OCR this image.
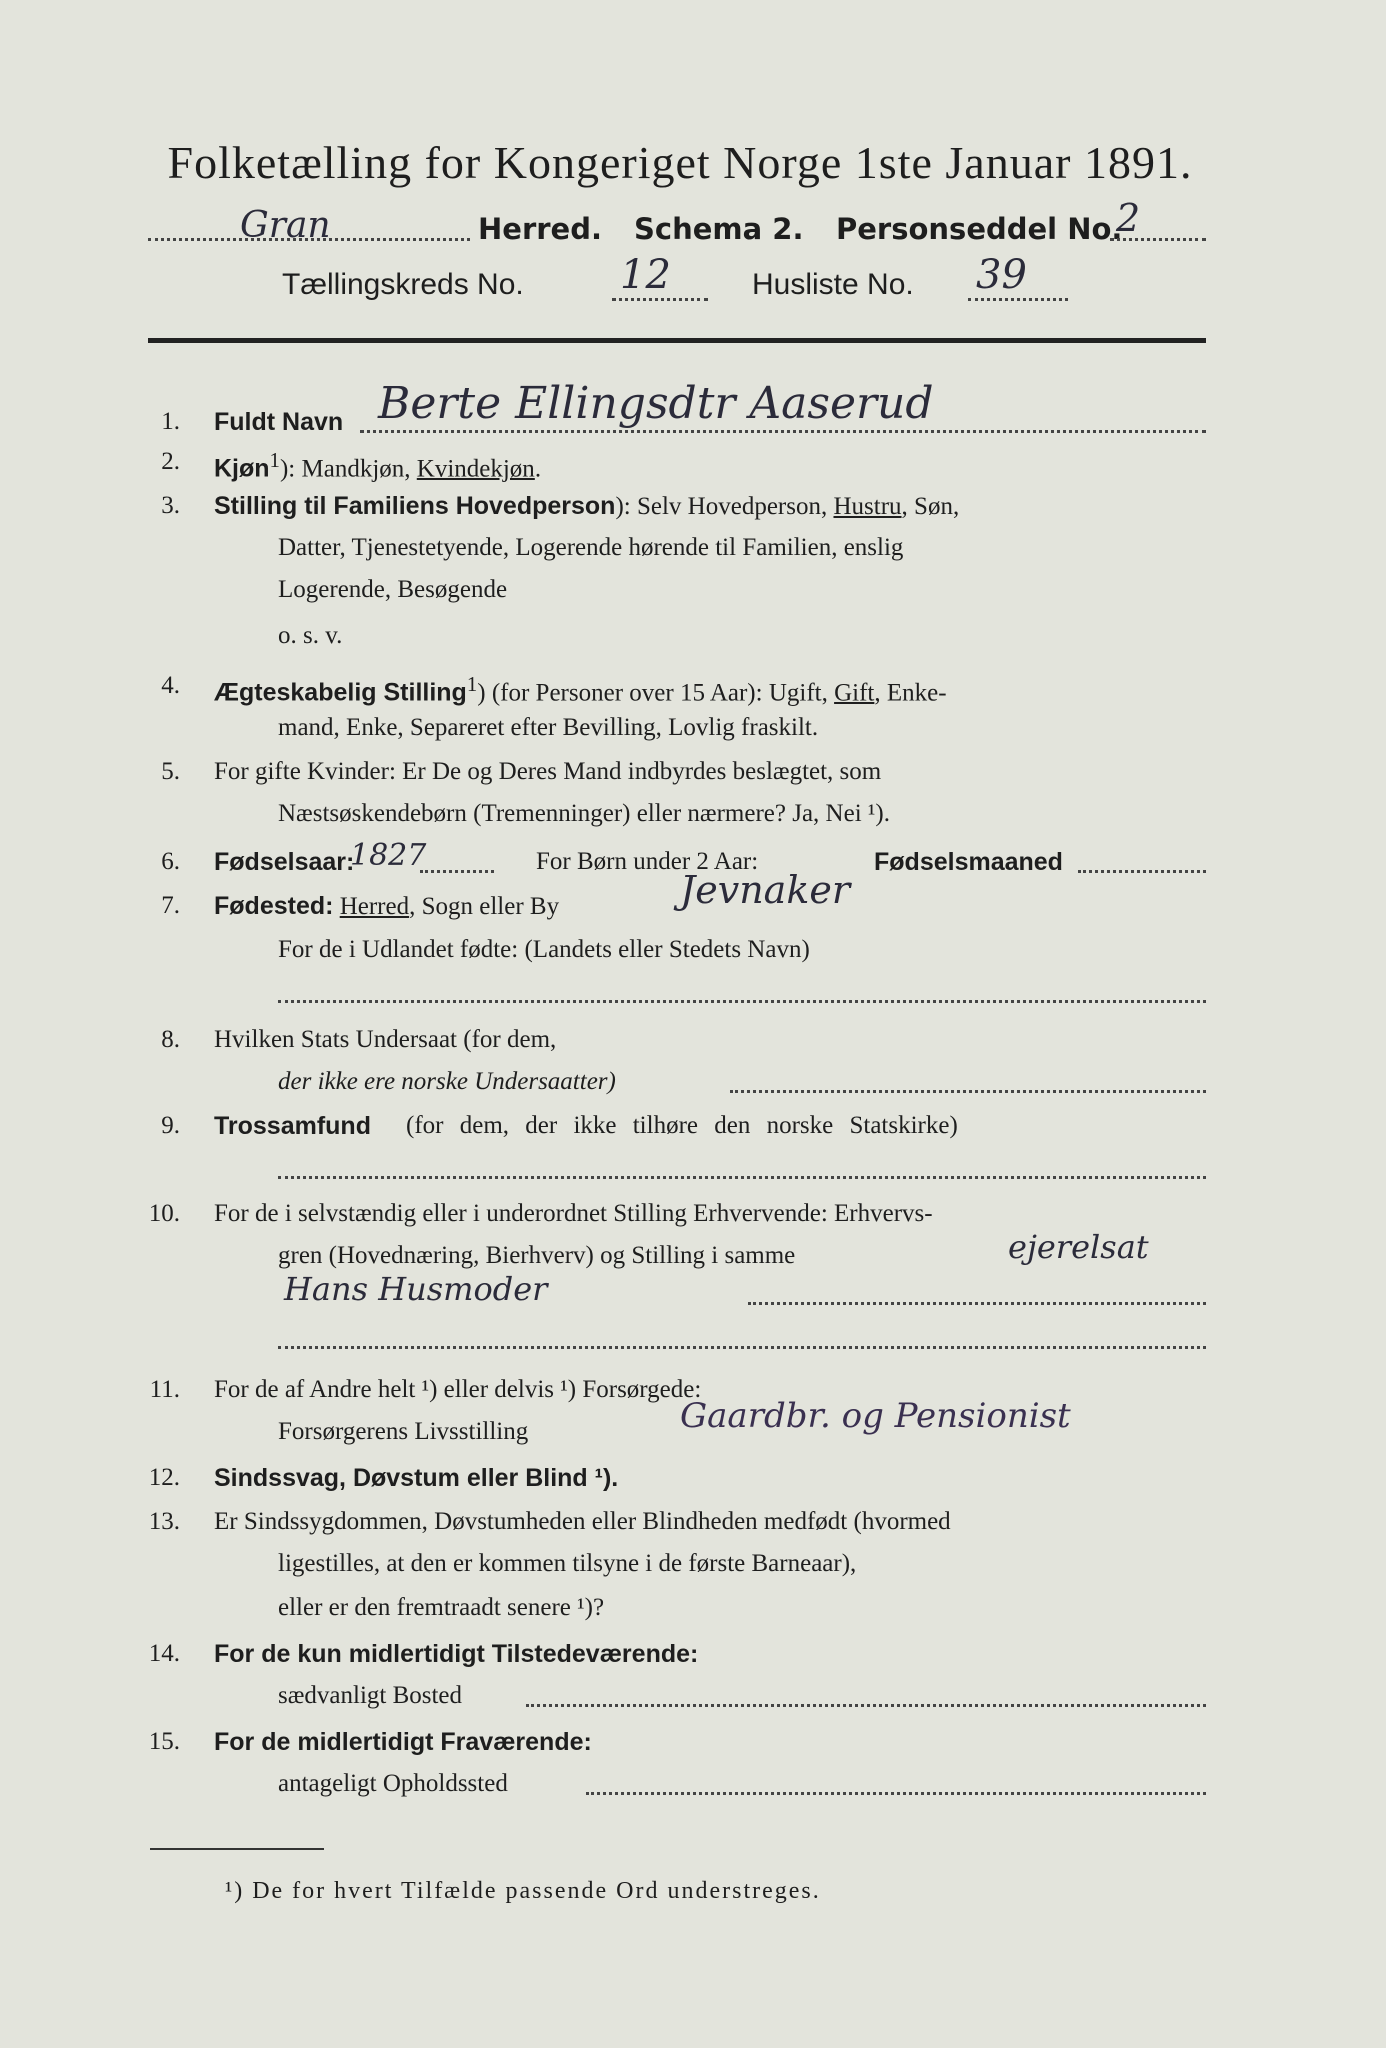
Folketælling for Kongeriget Norge 1ste Januar 1891.
Gran	Herred. Schema 2. Personseddel No.
2
Tællingskreds No. 12	Husliste No. 39
1. Fuldt Navn Berte Ellingsdtr Aaserud
2. Kjøn$^1$): Mandkjøn, Kvindekjøn.
3. Stilling til Familiens Hovedperson): Selv Hovedperson, Hustru, Søn,
Datter, Tjenestetyende, Logerende hørende til Familien, enslig
Logerende, Besøgende
o. s. v.
4. Ægteskabelig Stilling$^1$) (for Personer over 15 Aar): Ugift, Gift, Enke-
mand, Enke, Separeret efter Bevilling, Lovlig fraskilt.
5. For gifte Kvinder: Er De og Deres Mand indbyrdes beslægtet, som
Næstsøskendebørn (Tremenninger) eller nærmere? Ja, Nei ¹).
6. Fødselsaar:
1827	For Børn under 2 Aar:	Fødselsmaaned
7. Fødested: Herred, Sogn eller By	Jevnaker
For de i Udlandet fødte: (Landets eller Stedets Navn)
8. Hvilken Stats Undersaat (for dem,
der ikke ere norske Undersaatter)
9. Trossamfund (for dem, der ikke tilhøre den norske Statskirke)
10. For de i selvstændig eller i underordnet Stilling Erhvervende: Erhvervs-
gren (Hovednæring, Bierhverv) og Stilling i samme	ejerelsat
Hans Husmoder
11. For de af Andre helt ¹) eller delvis ¹) Forsørgede:
Forsørgerens Livsstilling	Gaardbr. og Pensionist
12. Sindssvag, Døvstum eller Blind ¹).
13. Er Sindssygdommen, Døvstumheden eller Blindheden medfødt (hvormed
ligestilles, at den er kommen tilsyne i de første Barneaar),
eller er den fremtraadt senere ¹)?
14. For de kun midlertidigt Tilstedeværende:
sædvanligt Bosted
15. For de midlertidigt Fraværende:
antageligt Opholdssted
¹) De for hvert Tilfælde passende Ord understreges.
